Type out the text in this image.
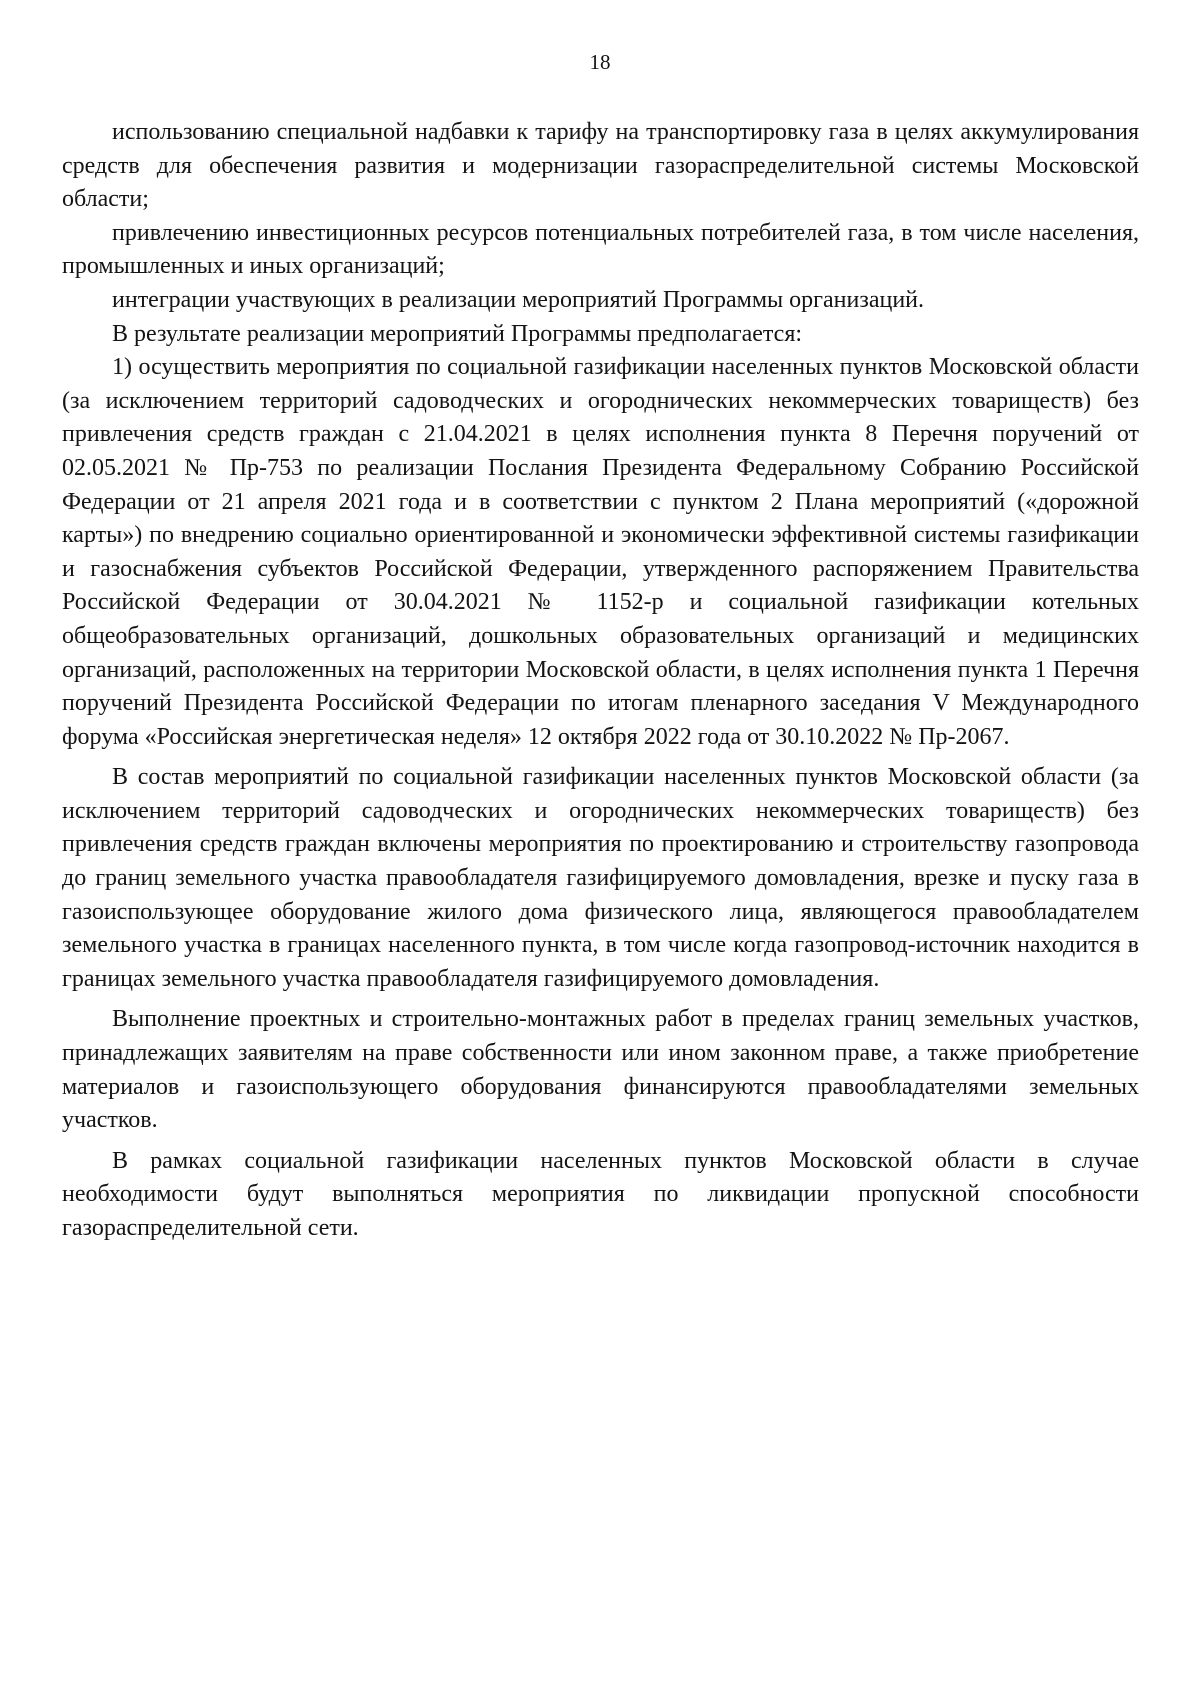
18

использованию специальной надбавки к тарифу на транспортировку газа в целях аккумулирования средств для обеспечения развития и модернизации газораспределительной системы Московской области;

привлечению инвестиционных ресурсов потенциальных потребителей газа, в том числе населения, промышленных и иных организаций;

интеграции участвующих в реализации мероприятий Программы организаций.

В результате реализации мероприятий Программы предполагается:

1) осуществить мероприятия по социальной газификации населенных пунктов Московской области (за исключением территорий садоводческих и огороднических некоммерческих товариществ) без привлечения средств граждан с 21.04.2021 в целях исполнения пункта 8 Перечня поручений от 02.05.2021 № Пр-753 по реализации Послания Президента Федеральному Собранию Российской Федерации от 21 апреля 2021 года и в соответствии с пунктом 2 Плана мероприятий («дорожной карты») по внедрению социально ориентированной и экономически эффективной системы газификации и газоснабжения субъектов Российской Федерации, утвержденного распоряжением Правительства Российской Федерации от 30.04.2021 № 1152-р и социальной газификации котельных общеобразовательных организаций, дошкольных образовательных организаций и медицинских организаций, расположенных на территории Московской области, в целях исполнения пункта 1 Перечня поручений Президента Российской Федерации по итогам пленарного заседания V Международного форума «Российская энергетическая неделя» 12 октября 2022 года от 30.10.2022 № Пр-2067.

В состав мероприятий по социальной газификации населенных пунктов Московской области (за исключением территорий садоводческих и огороднических некоммерческих товариществ) без привлечения средств граждан включены мероприятия по проектированию и строительству газопровода до границ земельного участка правообладателя газифицируемого домовладения, врезке и пуску газа в газоиспользующее оборудование жилого дома физического лица, являющегося правообладателем земельного участка в границах населенного пункта, в том числе когда газопровод-источник находится в границах земельного участка правообладателя газифицируемого домовладения.

Выполнение проектных и строительно-монтажных работ в пределах границ земельных участков, принадлежащих заявителям на праве собственности или ином законном праве, а также приобретение материалов и газоиспользующего оборудования финансируются правообладателями земельных участков.

В рамках социальной газификации населенных пунктов Московской области в случае необходимости будут выполняться мероприятия по ликвидации пропускной способности газораспределительной сети.
